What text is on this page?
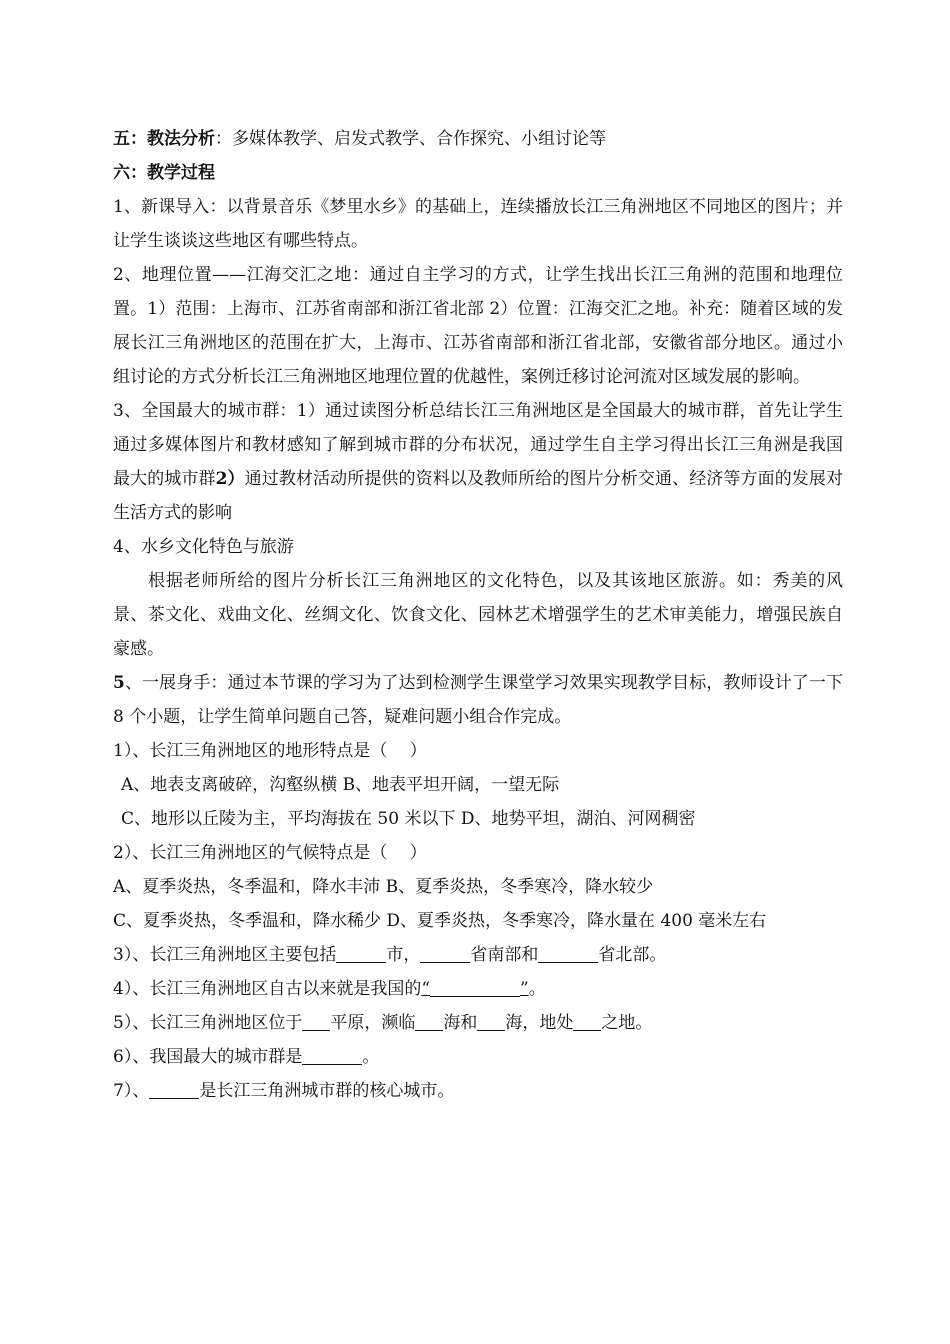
五：教法分析：多媒体教学、启发式教学、合作探究、小组讨论等

六：教学过程

1、新课导入：以背景音乐《梦里水乡》的基础上，连续播放长江三角洲地区不同地区的图片；并让学生谈谈这些地区有哪些特点。

2、地理位置——江海交汇之地：通过自主学习的方式，让学生找出长江三角洲的范围和地理位置。1）范围：上海市、江苏省南部和浙江省北部 2）位置：江海交汇之地。补充：随着区域的发展长江三角洲地区的范围在扩大，上海市、江苏省南部和浙江省北部，安徽省部分地区。通过小组讨论的方式分析长江三角洲地区地理位置的优越性，案例迁移讨论河流对区域发展的影响。

3、全国最大的城市群：1）通过读图分析总结长江三角洲地区是全国最大的城市群，首先让学生通过多媒体图片和教材感知了解到城市群的分布状况，通过学生自主学习得出长江三角洲是我国最大的城市群2）通过教材活动所提供的资料以及教师所给的图片分析交通、经济等方面的发展对生活方式的影响

4、水乡文化特色与旅游

根据老师所给的图片分析长江三角洲地区的文化特色，以及其该地区旅游。如：秀美的风景、茶文化、戏曲文化、丝绸文化、饮食文化、园林艺术增强学生的艺术审美能力，增强民族自豪感。

5、一展身手：通过本节课的学习为了达到检测学生课堂学习效果实现教学目标，教师设计了一下 8 个小题，让学生简单问题自己答，疑难问题小组合作完成。

1）、长江三角洲地区的地形特点是（　 ）

A、地表支离破碎，沟壑纵横 B、地表平坦开阔，一望无际

C、地形以丘陵为主，平均海拔在 50 米以下 D、地势平坦，湖泊、河网稠密

2）、长江三角洲地区的气候特点是（　 ）

A、夏季炎热，冬季温和，降水丰沛 B、夏季炎热，冬季寒冷，降水较少

C、夏季炎热，冬季温和，降水稀少 D、夏季炎热，冬季寒冷，降水量在 400 毫米左右

3）、长江三角洲地区主要包括	市，	省南部和	省北部。

4）、长江三角洲地区自古以来就是我国的“	”。

5）、长江三角洲地区位于 平原，濒临 海和 海，地处 之地。

6）、我国最大的城市群是	。

7）、	是长江三角洲城市群的核心城市。
